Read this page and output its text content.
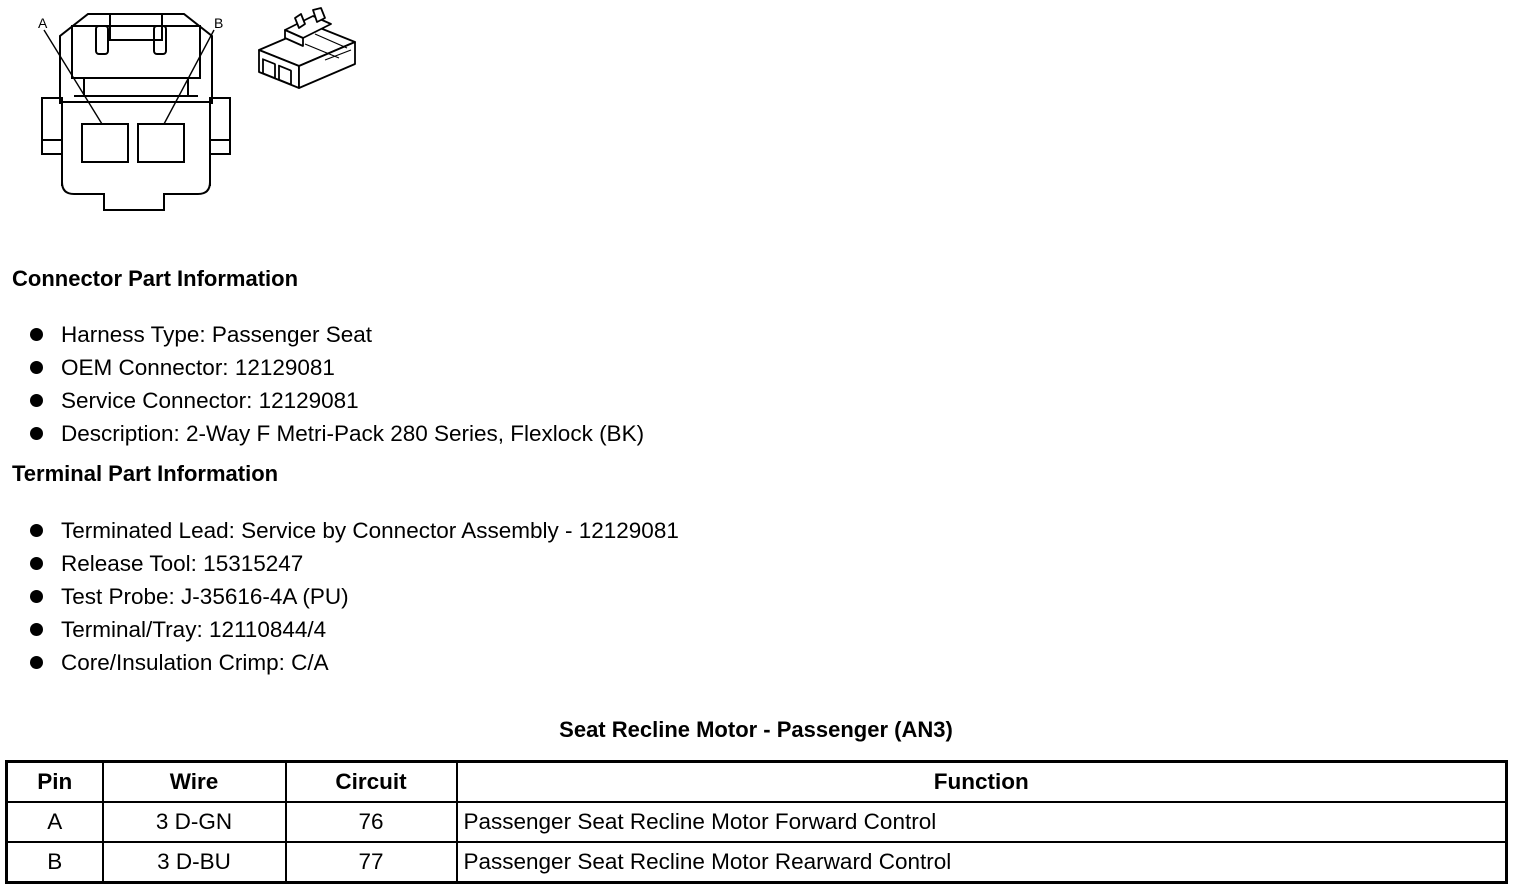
A	B
Connector Part Information
Harness Type: Passenger Seat
OEM Connector: 12129081
Service Connector: 12129081
Description: 2-Way F Metri-Pack 280 Series, Flexlock (BK)
Terminal Part Information
Terminated Lead: Service by Connector Assembly - 12129081
Release Tool: 15315247
Test Probe: J-35616-4A (PU)
Terminal/Tray: 12110844/4
Core/Insulation Crimp: C/A
Seat Recline Motor - Passenger (AN3)
Pin	Wire	Circuit	Function
A	3 D-GN	76	Passenger Seat Recline Motor Forward Control
B	3 D-BU	77	Passenger Seat Recline Motor Rearward Control
